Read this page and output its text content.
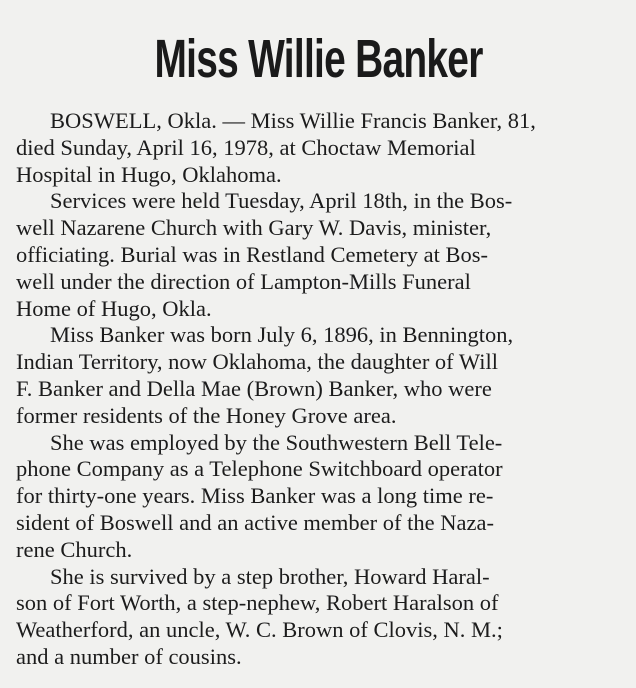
Miss Willie Banker

BOSWELL, Okla. — Miss Willie Francis Banker, 81,
died Sunday, April 16, 1978, at Choctaw Memorial
Hospital in Hugo, Oklahoma.

Services were held Tuesday, April 18th, in the Bos-
well Nazarene Church with Gary W. Davis, minister,
officiating. Burial was in Restland Cemetery at Bos-
well under the direction of Lampton-Mills Funeral
Home of Hugo, Okla.

Miss Banker was born July 6, 1896, in Bennington,
Indian Territory, now Oklahoma, the daughter of Will
F. Banker and Della Mae (Brown) Banker, who were
former residents of the Honey Grove area.

She was employed by the Southwestern Bell Tele-
phone Company as a Telephone Switchboard operator
for thirty-one years. Miss Banker was a long time re-
sident of Boswell and an active member of the Naza-
rene Church.

She is survived by a step brother, Howard Haral-
son of Fort Worth, a step-nephew, Robert Haralson of
Weatherford, an uncle, W. C. Brown of Clovis, N. M.;
and a number of cousins.
